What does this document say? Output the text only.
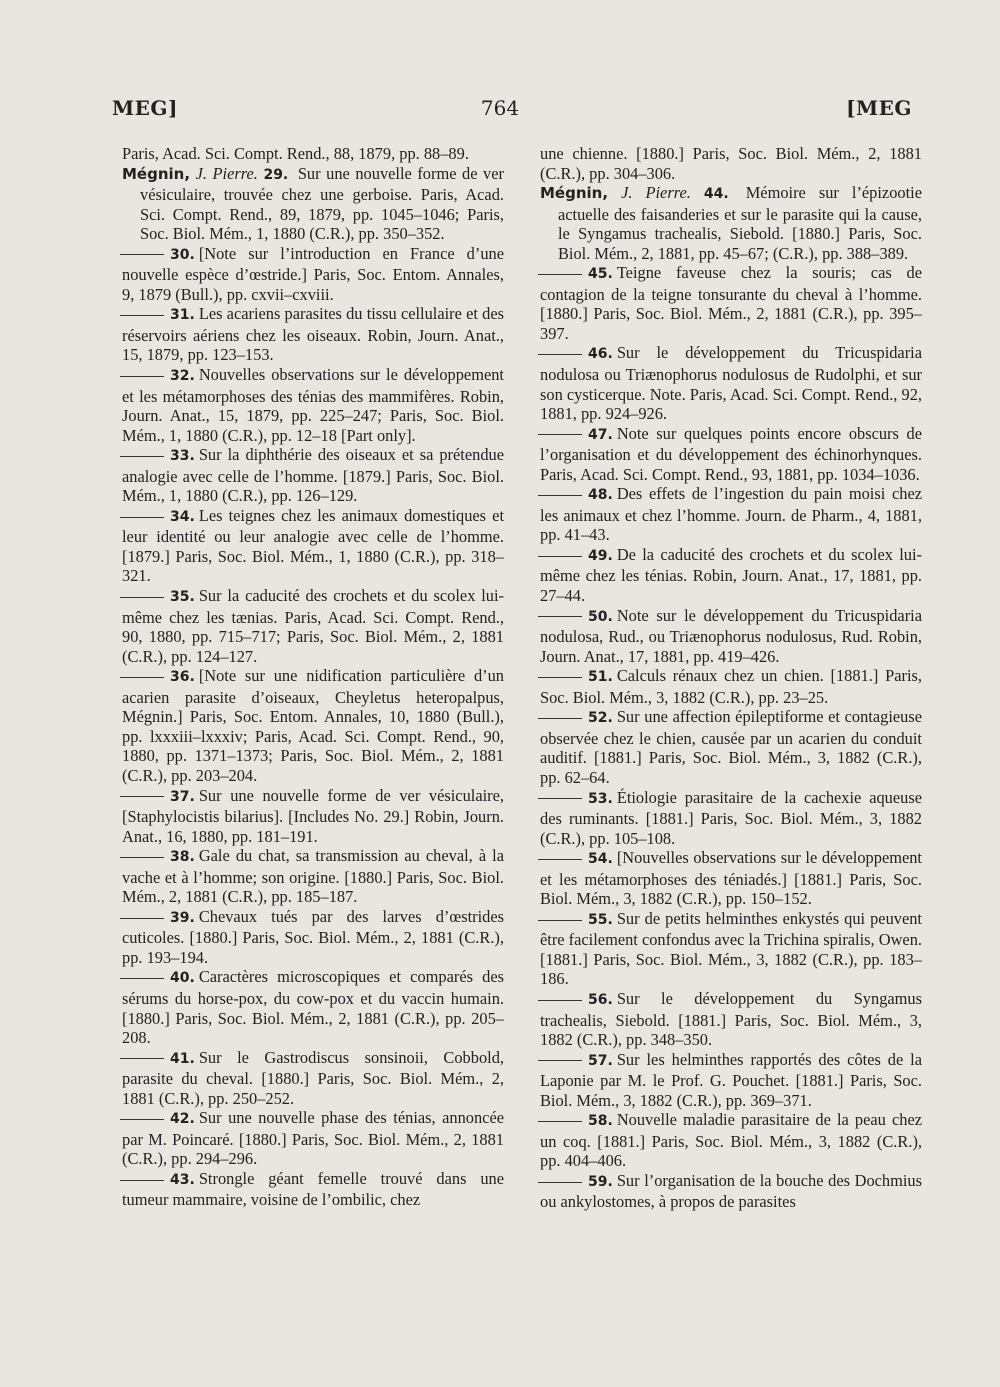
MEG]	764	[MEG

Paris, Acad. Sci. Compt. Rend., 88, 1879, pp. 88–89.

Mégnin, J. Pierre. 29. Sur une nouvelle forme de ver vésiculaire, trouvée chez une gerboise. Paris, Acad. Sci. Compt. Rend., 89, 1879, pp. 1045–1046; Paris, Soc. Biol. Mém., 1, 1880 (C.R.), pp. 350–352.

30. [Note sur l’introduction en France d’une nouvelle espèce d’œstride.] Paris, Soc. Entom. Annales, 9, 1879 (Bull.), pp. cxvii–cxviii.

31. Les acariens parasites du tissu cellulaire et des réservoirs aériens chez les oiseaux. Robin, Journ. Anat., 15, 1879, pp. 123–153.

32. Nouvelles observations sur le développement et les métamorphoses des ténias des mammifères. Robin, Journ. Anat., 15, 1879, pp. 225–247; Paris, Soc. Biol. Mém., 1, 1880 (C.R.), pp. 12–18 [Part only].

33. Sur la diphthérie des oiseaux et sa prétendue analogie avec celle de l’homme. [1879.] Paris, Soc. Biol. Mém., 1, 1880 (C.R.), pp. 126–129.

34. Les teignes chez les animaux domestiques et leur identité ou leur analogie avec celle de l’homme. [1879.] Paris, Soc. Biol. Mém., 1, 1880 (C.R.), pp. 318–321.

35. Sur la caducité des crochets et du scolex lui-même chez les tænias. Paris, Acad. Sci. Compt. Rend., 90, 1880, pp. 715–717; Paris, Soc. Biol. Mém., 2, 1881 (C.R.), pp. 124–127.

36. [Note sur une nidification particulière d’un acarien parasite d’oiseaux, Cheyletus heteropalpus, Mégnin.] Paris, Soc. Entom. Annales, 10, 1880 (Bull.), pp. lxxxiii–lxxxiv; Paris, Acad. Sci. Compt. Rend., 90, 1880, pp. 1371–1373; Paris, Soc. Biol. Mém., 2, 1881 (C.R.), pp. 203–204.

37. Sur une nouvelle forme de ver vésiculaire, [Staphylocistis bilarius]. [Includes No. 29.] Robin, Journ. Anat., 16, 1880, pp. 181–191.

38. Gale du chat, sa transmission au cheval, à la vache et à l’homme; son origine. [1880.] Paris, Soc. Biol. Mém., 2, 1881 (C.R.), pp. 185–187.

39. Chevaux tués par des larves d’œstrides cuticoles. [1880.] Paris, Soc. Biol. Mém., 2, 1881 (C.R.), pp. 193–194.

40. Caractères microscopiques et comparés des sérums du horse-pox, du cow-pox et du vaccin humain. [1880.] Paris, Soc. Biol. Mém., 2, 1881 (C.R.), pp. 205–208.

41. Sur le Gastrodiscus sonsinoii, Cobbold, parasite du cheval. [1880.] Paris, Soc. Biol. Mém., 2, 1881 (C.R.), pp. 250–252.

42. Sur une nouvelle phase des ténias, annoncée par M. Poincaré. [1880.] Paris, Soc. Biol. Mém., 2, 1881 (C.R.), pp. 294–296.

43. Strongle géant femelle trouvé dans une tumeur mammaire, voisine de l’ombilic, chez

une chienne. [1880.] Paris, Soc. Biol. Mém., 2, 1881 (C.R.), pp. 304–306.

Mégnin, J. Pierre. 44. Mémoire sur l’épizootie actuelle des faisanderies et sur le parasite qui la cause, le Syngamus trachealis, Siebold. [1880.] Paris, Soc. Biol. Mém., 2, 1881, pp. 45–67; (C.R.), pp. 388–389.

45. Teigne faveuse chez la souris; cas de contagion de la teigne tonsurante du cheval à l’homme. [1880.] Paris, Soc. Biol. Mém., 2, 1881 (C.R.), pp. 395–397.

46. Sur le développement du Tricuspidaria nodulosa ou Triænophorus nodulosus de Rudolphi, et sur son cysticerque. Note. Paris, Acad. Sci. Compt. Rend., 92, 1881, pp. 924–926.

47. Note sur quelques points encore obscurs de l’organisation et du développement des échinorhynques. Paris, Acad. Sci. Compt. Rend., 93, 1881, pp. 1034–1036.

48. Des effets de l’ingestion du pain moisi chez les animaux et chez l’homme. Journ. de Pharm., 4, 1881, pp. 41–43.

49. De la caducité des crochets et du scolex lui-même chez les ténias. Robin, Journ. Anat., 17, 1881, pp. 27–44.

50. Note sur le développement du Tricuspidaria nodulosa, Rud., ou Triænophorus nodulosus, Rud. Robin, Journ. Anat., 17, 1881, pp. 419–426.

51. Calculs rénaux chez un chien. [1881.] Paris, Soc. Biol. Mém., 3, 1882 (C.R.), pp. 23–25.

52. Sur une affection épileptiforme et contagieuse observée chez le chien, causée par un acarien du conduit auditif. [1881.] Paris, Soc. Biol. Mém., 3, 1882 (C.R.), pp. 62–64.

53. Étiologie parasitaire de la cachexie aqueuse des ruminants. [1881.] Paris, Soc. Biol. Mém., 3, 1882 (C.R.), pp. 105–108.

54. [Nouvelles observations sur le développement et les métamorphoses des téniadés.] [1881.] Paris, Soc. Biol. Mém., 3, 1882 (C.R.), pp. 150–152.

55. Sur de petits helminthes enkystés qui peuvent être facilement confondus avec la Trichina spiralis, Owen. [1881.] Paris, Soc. Biol. Mém., 3, 1882 (C.R.), pp. 183–186.

56. Sur le développement du Syngamus trachealis, Siebold. [1881.] Paris, Soc. Biol. Mém., 3, 1882 (C.R.), pp. 348–350.

57. Sur les helminthes rapportés des côtes de la Laponie par M. le Prof. G. Pouchet. [1881.] Paris, Soc. Biol. Mém., 3, 1882 (C.R.), pp. 369–371.

58. Nouvelle maladie parasitaire de la peau chez un coq. [1881.] Paris, Soc. Biol. Mém., 3, 1882 (C.R.), pp. 404–406.

59. Sur l’organisation de la bouche des Dochmius ou ankylostomes, à propos de parasites
